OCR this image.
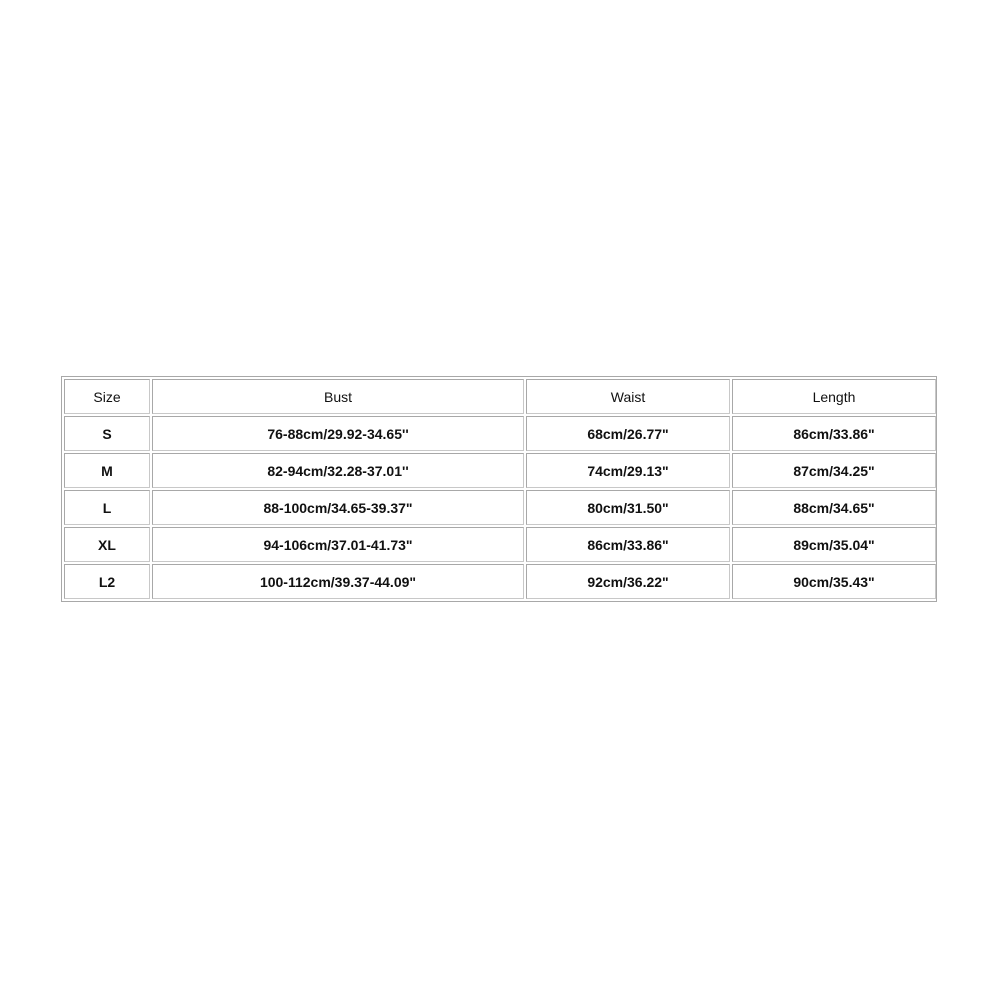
Size	Bust	Waist	Length
S	76-88cm/29.92-34.65''	68cm/26.77"	86cm/33.86"
M	82-94cm/32.28-37.01''	74cm/29.13"	87cm/34.25"
L	88-100cm/34.65-39.37"	80cm/31.50"	88cm/34.65"
XL	94-106cm/37.01-41.73"	86cm/33.86"	89cm/35.04"
L2	100-112cm/39.37-44.09"	92cm/36.22"	90cm/35.43"
